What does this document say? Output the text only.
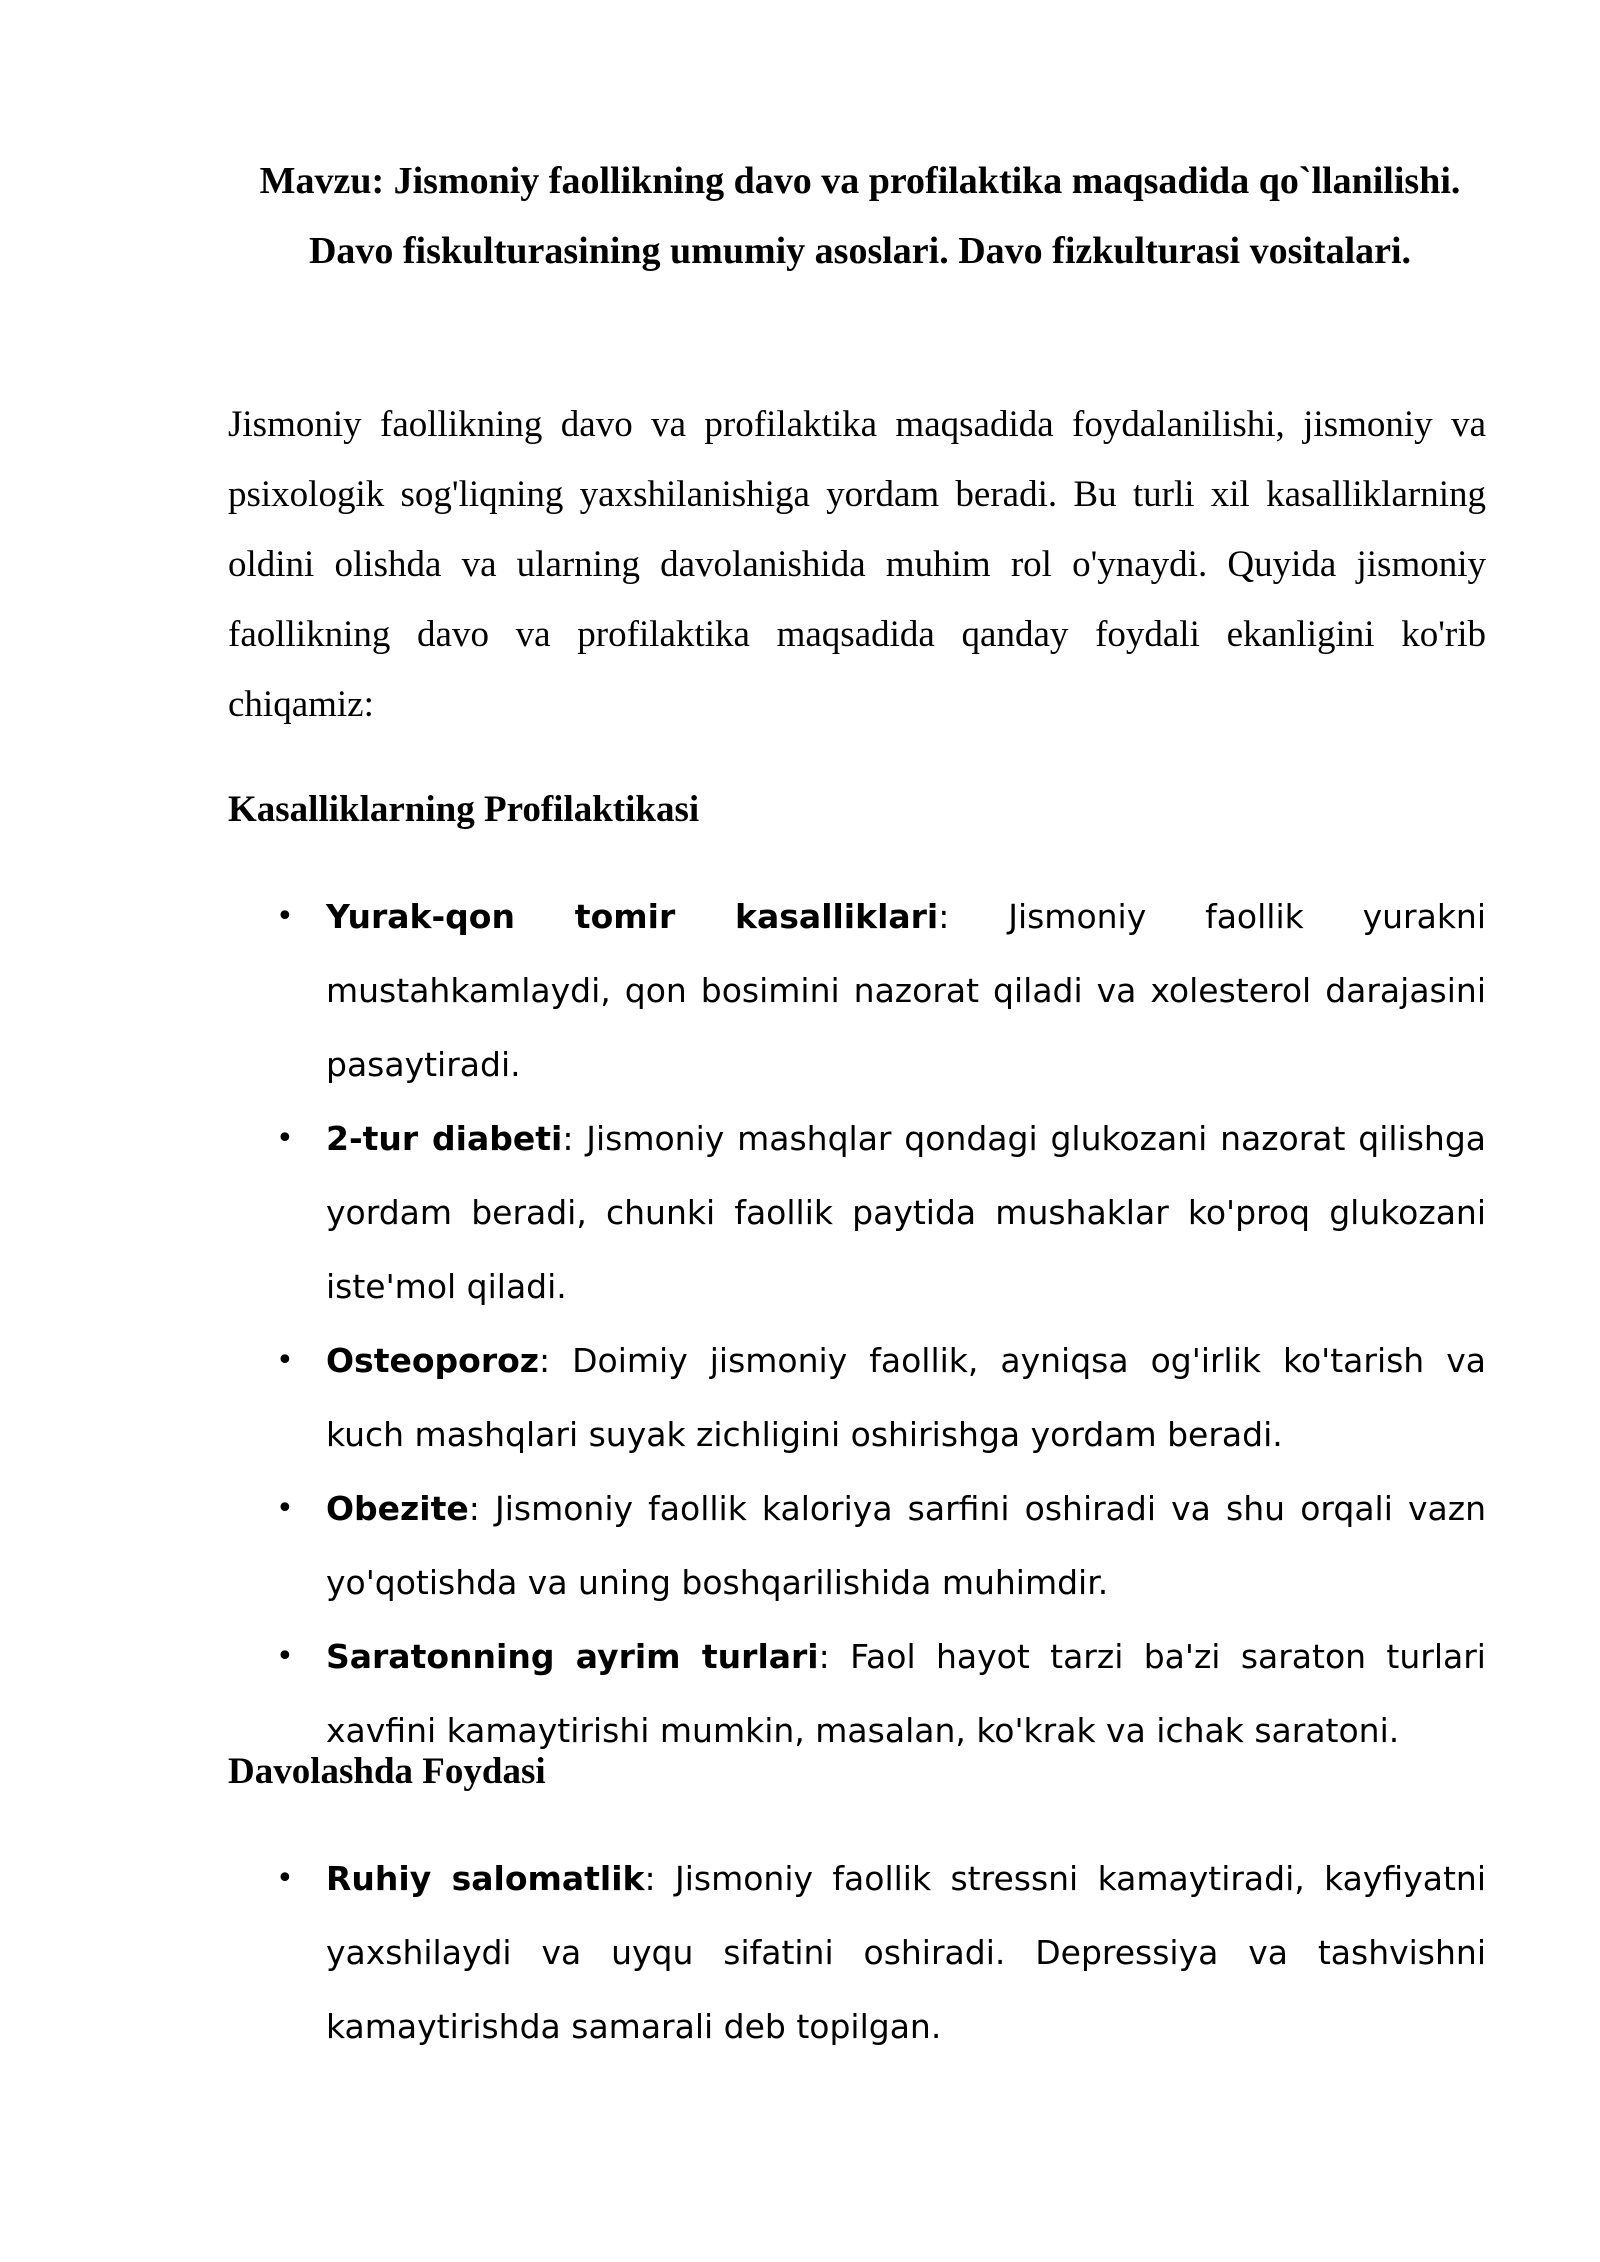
Mavzu: Jismoniy faollikning davo va profilaktika maqsadida qo`llanilishi. Davo fiskulturasining umumiy asoslari. Davo fizkulturasi vositalari.
Jismoniy faollikning davo va profilaktika maqsadida foydalanilishi, jismoniy va psixologik sog'liqning yaxshilanishiga yordam beradi. Bu turli xil kasalliklarning oldini olishda va ularning davolanishida muhim rol o'ynaydi. Quyida jismoniy faollikning davo va profilaktika maqsadida qanday foydali ekanligini ko'rib chiqamiz:
Kasalliklarning Profilaktikasi
• Yurak-qon tomir kasalliklari: Jismoniy faollik yurakni mustahkamlaydi, qon bosimini nazorat qiladi va xolesterol darajasini pasaytiradi.
• 2-tur diabeti: Jismoniy mashqlar qondagi glukozani nazorat qilishga yordam beradi, chunki faollik paytida mushaklar ko'proq glukozani iste'mol qiladi.
• Osteoporoz: Doimiy jismoniy faollik, ayniqsa og'irlik ko'tarish va kuch mashqlari suyak zichligini oshirishga yordam beradi.
• Obezite: Jismoniy faollik kaloriya sarfini oshiradi va shu orqali vazn yo'qotishda va uning boshqarilishida muhimdir.
• Saratonning ayrim turlari: Faol hayot tarzi ba'zi saraton turlari xavfini kamaytirishi mumkin, masalan, ko'krak va ichak saratoni.
Davolashda Foydasi
• Ruhiy salomatlik: Jismoniy faollik stressni kamaytiradi, kayfiyatni yaxshilaydi va uyqu sifatini oshiradi. Depressiya va tashvishni kamaytirishda samarali deb topilgan.
